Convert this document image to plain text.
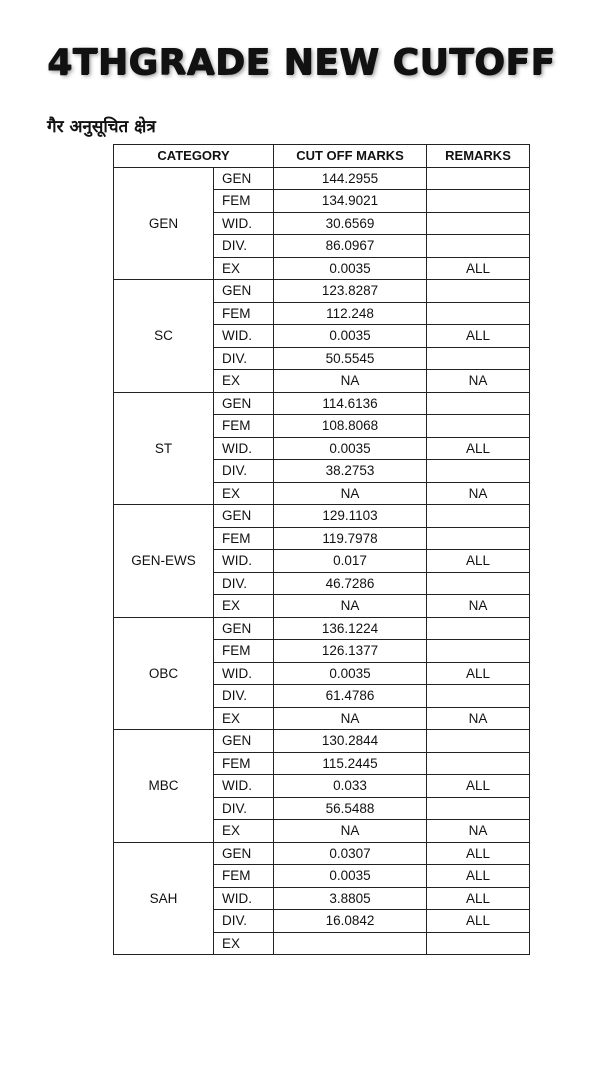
4THGRADE NEW CUTOFF
गैर अनुसूचित क्षेत्र
CATEGORY		CUT OFF MARKS	REMARKS
GEN	GEN	144.2955	
	FEM	134.9021	
	WID.	30.6569	
	DIV.	86.0967	
	EX	0.0035	ALL
SC	GEN	123.8287	
	FEM	112.248	
	WID.	0.0035	ALL
	DIV.	50.5545	
	EX	NA	NA
ST	GEN	114.6136	
	FEM	108.8068	
	WID.	0.0035	ALL
	DIV.	38.2753	
	EX	NA	NA
GEN-EWS	GEN	129.1103	
	FEM	119.7978	
	WID.	0.017	ALL
	DIV.	46.7286	
	EX	NA	NA
OBC	GEN	136.1224	
	FEM	126.1377	
	WID.	0.0035	ALL
	DIV.	61.4786	
	EX	NA	NA
MBC	GEN	130.2844	
	FEM	115.2445	
	WID.	0.033	ALL
	DIV.	56.5488	
	EX	NA	NA
SAH	GEN	0.0307	ALL
	FEM	0.0035	ALL
	WID.	3.8805	ALL
	DIV.	16.0842	ALL
	EX		
